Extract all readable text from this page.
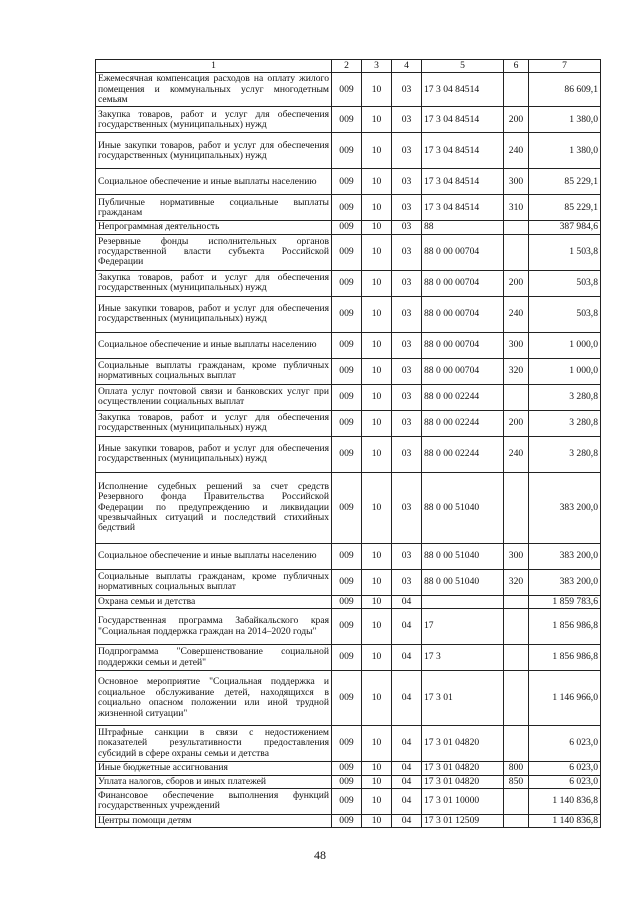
1	2	3	4	5	6	7
Ежемесячная компенсация расходов на оплату жилого помещения и коммунальных услуг многодетным семьям	009	10	03	17 3 04 84514		86 609,1
Закупка товаров, работ и услуг для обеспечения государственных (муниципальных) нужд	009	10	03	17 3 04 84514	200	1 380,0
Иные закупки товаров, работ и услуг для обеспечения государственных (муниципальных) нужд	009	10	03	17 3 04 84514	240	1 380,0
Социальное обеспечение и иные выплаты населению	009	10	03	17 3 04 84514	300	85 229,1
Публичные нормативные социальные выплаты гражданам	009	10	03	17 3 04 84514	310	85 229,1
Непрограммная деятельность	009	10	03	88		387 984,6
Резервные фонды исполнительных органов государственной власти субъекта Российской Федерации	009	10	03	88 0 00 00704		1 503,8
Закупка товаров, работ и услуг для обеспечения государственных (муниципальных) нужд	009	10	03	88 0 00 00704	200	503,8
Иные закупки товаров, работ и услуг для обеспечения государственных (муниципальных) нужд	009	10	03	88 0 00 00704	240	503,8
Социальное обеспечение и иные выплаты населению	009	10	03	88 0 00 00704	300	1 000,0
Социальные выплаты гражданам, кроме публичных нормативных социальных выплат	009	10	03	88 0 00 00704	320	1 000,0
Оплата услуг почтовой связи и банковских услуг при осуществлении социальных выплат	009	10	03	88 0 00 02244		3 280,8
Закупка товаров, работ и услуг для обеспечения государственных (муниципальных) нужд	009	10	03	88 0 00 02244	200	3 280,8
Иные закупки товаров, работ и услуг для обеспечения государственных (муниципальных) нужд	009	10	03	88 0 00 02244	240	3 280,8
Исполнение судебных решений за счет средств Резервного фонда Правительства Российской Федерации по предупреждению и ликвидации чрезвычайных ситуаций и последствий стихийных бедствий	009	10	03	88 0 00 51040		383 200,0
Социальное обеспечение и иные выплаты населению	009	10	03	88 0 00 51040	300	383 200,0
Социальные выплаты гражданам, кроме публичных нормативных социальных выплат	009	10	03	88 0 00 51040	320	383 200,0
Охрана семьи и детства	009	10	04			1 859 783,6
Государственная программа Забайкальского края "Социальная поддержка граждан на 2014–2020 годы"	009	10	04	17		1 856 986,8
Подпрограмма "Совершенствование социальной поддержки семьи и детей"	009	10	04	17 3		1 856 986,8
Основное мероприятие "Социальная поддержка и социальное обслуживание детей, находящихся в социально опасном положении или иной трудной жизненной ситуации"	009	10	04	17 3 01		1 146 966,0
Штрафные санкции в связи с недостижением показателей результативности предоставления субсидий в сфере охраны семьи и детства	009	10	04	17 3 01 04820		6 023,0
Иные бюджетные ассигнования	009	10	04	17 3 01 04820	800	6 023,0
Уплата налогов, сборов и иных платежей	009	10	04	17 3 01 04820	850	6 023,0
Финансовое обеспечение выполнения функций государственных учреждений	009	10	04	17 3 01 10000		1 140 836,8
Центры помощи детям	009	10	04	17 3 01 12509		1 140 836,8
48
